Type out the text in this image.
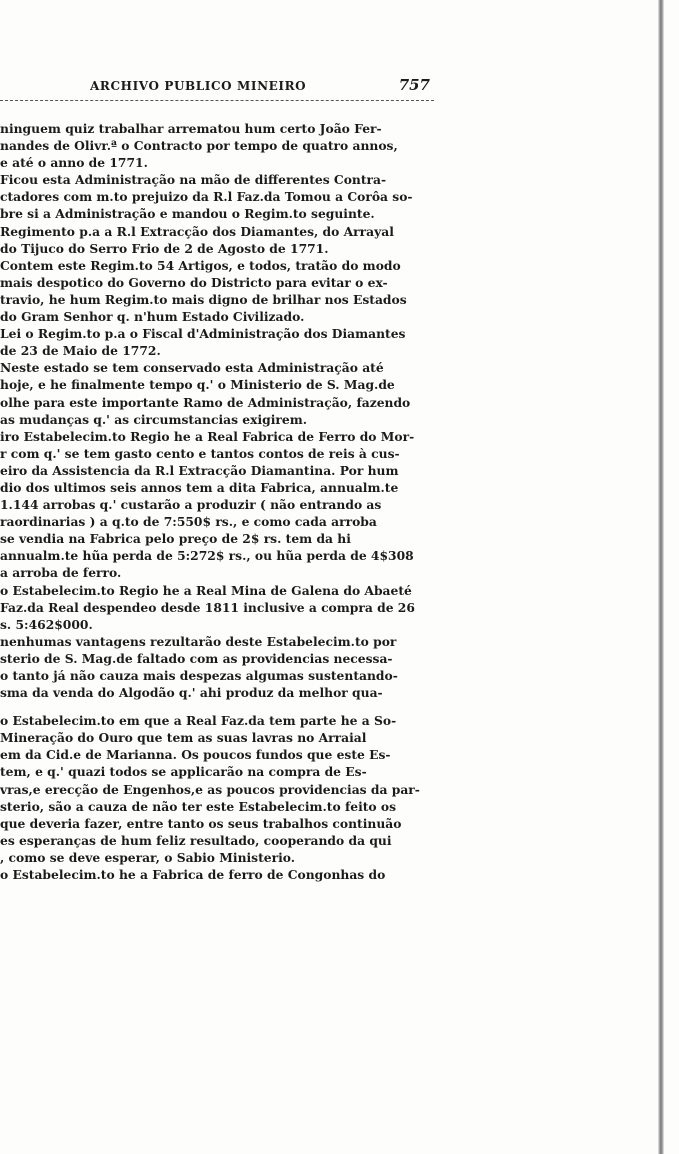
ARCHIVO PUBLICO MINEIRO	757
ninguem quiz trabalhar arrematou hum certo João Fer-
nandes de Olivr.ª o Contracto por tempo de quatro annos,
e até o anno de 1771.
Ficou esta Administração na mão de differentes Contra-
ctadores com m.to prejuizo da R.l Faz.da Tomou a Corôa so-
bre si a Administração e mandou o Regim.to seguinte.
Regimento p.a a R.l Extracção dos Diamantes, do Arrayal
do Tijuco do Serro Frio de 2 de Agosto de 1771.
Contem este Regim.to 54 Artigos, e todos, tratão do modo
mais despotico do Governo do Districto para evitar o ex-
travio, he hum Regim.to mais digno de brilhar nos Estados
do Gram Senhor q. n'hum Estado Civilizado.
Lei o Regim.to p.a o Fiscal d'Administração dos Diamantes
de 23 de Maio de 1772.
Neste estado se tem conservado esta Administração até
hoje, e he finalmente tempo q.' o Ministerio de S. Mag.de
olhe para este importante Ramo de Administração, fazendo
as mudanças q.' as circumstancias exigirem.
iro Estabelecim.to Regio he a Real Fabrica de Ferro do Mor-
r com q.' se tem gasto cento e tantos contos de reis à cus-
eiro da Assistencia da R.l Extracção Diamantina. Por hum
dio dos ultimos seis annos tem a dita Fabrica, annualm.te
1.144 arrobas q.' custarão a produzir ( não entrando as
raordinarias ) a q.to de 7:550$ rs., e como cada arroba
se vendia na Fabrica pelo preço de 2$ rs. tem da hi
annualm.te hũa perda de 5:272$ rs., ou hũa perda de 4$308
a arroba de ferro.
o Estabelecim.to Regio he a Real Mina de Galena do Abaeté
Faz.da Real despendeo desde 1811 inclusive a compra de 26
s. 5:462$000.
nenhumas vantagens rezultarão deste Estabelecim.to por
sterio de S. Mag.de faltado com as providencias necessa-
o tanto já não cauza mais despezas algumas sustentando-
sma da venda do Algodão q.' ahi produz da melhor qua-
o Estabelecim.to em que a Real Faz.da tem parte he a So-
Mineração do Ouro que tem as suas lavras no Arraial
em da Cid.e de Marianna. Os poucos fundos que este Es-
tem, e q.' quazi todos se applicarão na compra de Es-
vras,e erecção de Engenhos,e as poucos providencias da par-
sterio, são a cauza de não ter este Estabelecim.to feito os
que deveria fazer, entre tanto os seus trabalhos continuão
es esperanças de hum feliz resultado, cooperando da qui
, como se deve esperar, o Sabio Ministerio.
o Estabelecim.to he a Fabrica de ferro de Congonhas do
